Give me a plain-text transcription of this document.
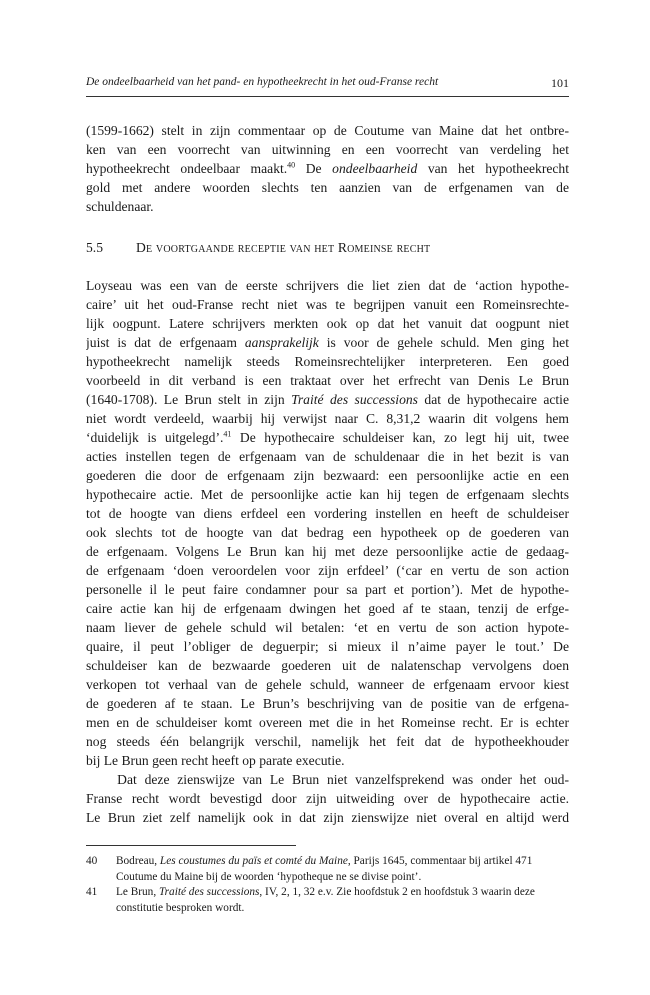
De ondeelbaarheid van het pand- en hypotheekrecht in het oud-Franse recht	101
(1599-1662) stelt in zijn commentaar op de Coutume van Maine dat het ontbre-
ken van een voorrecht van uitwinning en een voorrecht van verdeling het
hypotheekrecht ondeelbaar maakt.$^{40}$ De ondeelbaarheid van het hypotheekrecht
gold met andere woorden slechts ten aanzien van de erfgenamen van de
schuldenaar.
5.5 De voortgaande receptie van het Romeinse recht
Loyseau was een van de eerste schrijvers die liet zien dat de ‘action hypothe-
caire’ uit het oud-Franse recht niet was te begrijpen vanuit een Romeinsrechte-
lijk oogpunt. Latere schrijvers merkten ook op dat het vanuit dat oogpunt niet
juist is dat de erfgenaam aansprakelijk is voor de gehele schuld. Men ging het
hypotheekrecht namelijk steeds Romeinsrechtelijker interpreteren. Een goed
voorbeeld in dit verband is een traktaat over het erfrecht van Denis Le Brun
(1640-1708). Le Brun stelt in zijn Traité des successions dat de hypothecaire actie
niet wordt verdeeld, waarbij hij verwijst naar C. 8,31,2 waarin dit volgens hem
‘duidelijk is uitgelegd’.$^{41}$ De hypothecaire schuldeiser kan, zo legt hij uit, twee
acties instellen tegen de erfgenaam van de schuldenaar die in het bezit is van
goederen die door de erfgenaam zijn bezwaard: een persoonlijke actie en een
hypothecaire actie. Met de persoonlijke actie kan hij tegen de erfgenaam slechts
tot de hoogte van diens erfdeel een vordering instellen en heeft de schuldeiser
ook slechts tot de hoogte van dat bedrag een hypotheek op de goederen van
de erfgenaam. Volgens Le Brun kan hij met deze persoonlijke actie de gedaag-
de erfgenaam ‘doen veroordelen voor zijn erfdeel’ (‘car en vertu de son action
personelle il le peut faire condamner pour sa part et portion’). Met de hypothe-
caire actie kan hij de erfgenaam dwingen het goed af te staan, tenzij de erfge-
naam liever de gehele schuld wil betalen: ‘et en vertu de son action hypote-
quaire, il peut l’obliger de deguerpir; si mieux il n’aime payer le tout.’ De
schuldeiser kan de bezwaarde goederen uit de nalatenschap vervolgens doen
verkopen tot verhaal van de gehele schuld, wanneer de erfgenaam ervoor kiest
de goederen af te staan. Le Brun’s beschrijving van de positie van de erfgena-
men en de schuldeiser komt overeen met die in het Romeinse recht. Er is echter
nog steeds één belangrijk verschil, namelijk het feit dat de hypotheekhouder
bij Le Brun geen recht heeft op parate executie.
Dat deze zienswijze van Le Brun niet vanzelfsprekend was onder het oud-
Franse recht wordt bevestigd door zijn uitweiding over de hypothecaire actie.
Le Brun ziet zelf namelijk ook in dat zijn zienswijze niet overal en altijd werd
40 Bodreau, Les coustumes du païs et comté du Maine, Parijs 1645, commentaar bij artikel 471
Coutume du Maine bij de woorden ‘hypotheque ne se divise point’.
41 Le Brun, Traité des successions, IV, 2, 1, 32 e.v. Zie hoofdstuk 2 en hoofdstuk 3 waarin deze
constitutie besproken wordt.
